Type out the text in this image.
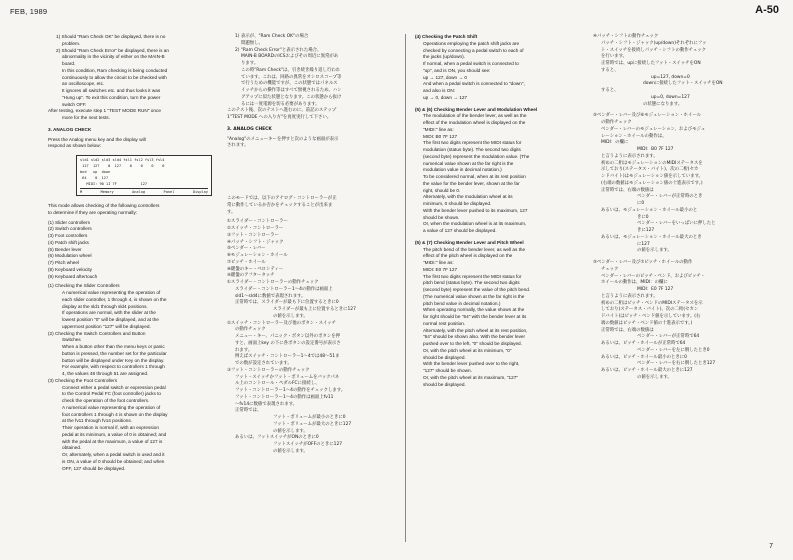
FEB, 1989	A-50

1) Should "Ram Check OK" be displayed, there is no

problem.

2) Should "Ram Check Error" be displayed, there is an

abnormality in the vicinity of either on the MAIN-B

board.

In this condition, Ram checking is being conducted

continuously to allow the circuit to be checked with

an oscilloscope, etc.

It ignores all switches etc. and thus looks it was

"Hung up". To exit this condition, turn the power

switch OFF.

After testing, execute step 1 "TEST MODE RUN" once

more for the next tests.

3. ANALOG CHECK

Press the Analog menu key and the display will

respond as shown below:

sld1 sld2 sld3 sld4 fsl1 fsl2 fsl3 fsl4
127  127    0  127    0    0    0    0
bnd   up  down
64    0  127
MIDI: 90 1I 7F           127
M	Memory	Analog	Panel	Display

This mode allows checking of the following controllers

to determine if they are operating normally:

(1) Slider controllers

(2) Switch controllers

(3) Foot controllers

(4) Patch shift jacks

(5) Bender lever

(6) Modulation wheel

(7) Pitch wheel

(8) Keyboard velocity

(9) Keyboard aftertouch

(1) Checking the Slider Controllers

A numerical value representing the operation of

each slider controller, 1 through 4, is shown on the

display at the sld1 through sld4 positions.

If operations are normal, with the slider at the

lowest position "0" will be displayed, and at the

uppermost position "127" will be displayed.

(2) Checking the Switch Controllers and Button

Switches

When a button other than the menu keys or panic

button is pressed, the number set for the particular

button will be displayed under Key on the display.

For example, with respect to controllers 1 through

4, the values 48 through 51 are assigned.

(3) Checking the Foot Controllers

Connect either a pedal switch or expression pedal

to the Control Pedal FC (foot controller) jacks to

check the operation of the foot controllers.

A numerical value representing the operation of

foot controllers 1 through 4 is shown on the display

at the fv11 through fv14 positions.

Their operation is normal if, with an expression

pedal at its minimum, a value of 0 is obtained; and

with the pedal at the maximum, a value of 127 is

obtained.

Or, alternately, when a pedal switch is used and it

is ON, a value of 0 should be obtained; and when

OFF, 127 should be displayed.

1) 表示が、"Ram Check OK"の場合

問題無し。

2) "Ram Check Error"と表示された場合、

MAIN-B BOARDのICSおよびその周辺に異常があ

ります。

この時"Ram Check"は、引き続き繰り返し行われ

ています。これは、回路の異常をオシロスコープ等

で行うための機能ですが、この状態ではパネルス

イッチからの操作等はすべて無視されるため、ハン

グアップに似た状態となります。この状態から抜け

るには一度電源を切る必要があります。

このテスト後、次のテストへ進むのに、前記のステップ

1"TEST MODE への入り方"を再度実行して下さい。

3. ANALOG CHECK

"Analog"のメニューキーを押すと次のような画面が表示

されます。

このモードでは、以下のアナログ・コントローラーが正

常に動作しているか否かをチェックすることが出来ま

す。

①スライダー・コントローラー

②スイッチ・コントローラー

③フット・コントローラー

④パッチ・シフト・ジャック

⑤ベンダー・レバー

⑥モジュレーション・ホイール

⑦ピッチ・ホイール

⑧鍵盤のキー・ベロシティー

⑨鍵盤のアフタータッチ

①スライダー・コントローラーの動作チェック

スライダー・コントローラー1～4の動作は画面上

sld1～sld4に数値で表現されます。

正常時では、スライダーが最も下に位置するときに0

スライダーが最も上に位置するときに127

の値を示します。

②スイッチ・コントローラー及び他のボタン・スイッチ

の動作チェック

メニュー・キー、パニック・ボタン以外のボタンを押

すと、画面上key の下に各ボタンの設定番号が表示さ

れます。

例えばスイッチ・コントローラー1～4では48～51ま

での数が設定されています。

③フット・コントローラーの動作チェック

フット・スイッチかフット・ボリュームをバックパネ

ル上のコントロール・ペダルFCに接続し、

フット・コントローラー1～4の動作をチェックします。

フット・コントローラー1～4の動作は画面上fv11

～fv14に数値で表現されます。

正常時では、

フット・ボリュームが最小のときに0

フット・ボリュームが最大のときに127

の値を示します。

あるいは、フットスイッチがONのときに0

フットスイッチがOFFのときに127

の値を示します。

(4) Checking the Patch Shift

Operations employing the patch shift jacks are

checked by connecting a pedal switch to each of

the jacks (up/down).

If normal, when a pedal switch is connected to

"up", and is ON, you should see:

up → 127, down → 0

And when a pedal switch is connected to "down",

and also is ON:

up → 0, down → 127

(5) & (6) Checking Bender Lever and Modulation Wheel

The modulation of the bender lever, as well as the

effect of the modulation wheel is displayed on the

"MIDI:" line as:

MIDI: B0 7F 127

The first two digits represent the MIDI status for

modulation (status byte). The second two digits

(second byte) represent the modulation value. (The

numerical value shown at the far right is the

modulation value in decimal notation.)

To be considered normal, when at its rest position

the value for the bender lever, shown at the far

right, should be 0.

Alternately, with the modulation wheel at its

minimum, 0 should be displayed.

With the bender lever pushed to its maximum, 127

should be shown.

Or, when the modulation wheel is at its maximum,

a value of 127 should be displayed.

(5) & (7) Checking Bender Lever and Pitch Wheel

The pitch bend of the bender lever, as well as the

effect of the pitch wheel is displayed on the

"MIDI:" line as:

MIDI: E0 7F 127

The first two digits represent the MIDI status for

pitch bend (status byte). The second two digits

(second byte) represent the value of the pitch bend.

(The numerical value shown at the far right is the

pitch bend value in decimal notation.)

When operating normally, the value shown at the

far right should be "64" with the bender lever at its

normal rest position.

Alternately, with the pitch wheel at its rest position,

"64" should be shown also. With the bender lever

pushed over to the left, "0" should be displayed.

Or, with the pitch wheel at its minimum, "0"

should be displayed.

With the bender lever pushed over to the right,

"127" should be shown.

Or, with the pitch wheel at its maximum, "127"

should be displayed.

④パッチ・シフトの動作チェック

パッチ・シフト・ジャック(up/down)それぞれにフッ

ト・スイッチを接続しパッチ・シフトの動作チェック

を行います。

正常時では、upに接続したフット・スイッチをON

すると、

up=127, down=0

downに接続したフット・スイッチをON

すると、

up=0, down=127

の状態になります。

⑤ベンダー・レバー及び⑥モジュレーション・ホイール

の動作チェック

ベンダー・レバーのモジュレーション、およびモジュ

レーション・ホイールの動作は、

MIDI：の欄に

MIDI：B0 7F 127

と言うように表示されます。

初めの二桁はモジュレーションのMIDIステータスを

示しており(ステータス・バイト)、次の二桁(セカ

ンドバイト)はモジュレーション値を示しています。

(右端の数値はモジュレーション値の十進表示です。)

正常時では、右端の数値は

ベンダー・レバーが正常時のとき

に0

あるいは、モジュレーション・ホイール最小のと

きに0

ベンダー・レバーをいっぱいに押したと

きに127

あるいは、モジュレーション・ホイール最大のとき

に127

の値を示します。

⑤ベンダー・レバー及び⑦ピッチ・ホイールの動作

チェック

ベンダー・レバーのピッチ・ベンド、およびピッチ・

ホイールの動作は、MIDI：の欄に

MIDI：E0 7F 127

と言うように表示されます。

初めの二桁はピッチ・ベンドのMIDIステータスを示

しており(ステータス・バイト)、次の二桁(セカン

ドバイト)はピッチ・ベンド値を示しています。(右

端の数値はピッチ・ベンド値の十進表示です。)

正常時では、右端の数値は

ベンダー・レバーが正常時で64

あるいは、ピッチ・ホイールが正常時で64

ベンダー・レバーを左に倒したとき0

あるいは、ピッチ・ホイール最小のときに0

ベンダー・レバーを右に倒したとき127

あるいは、ピッチ・ホイール最大のときに127

の値を示します。

7
